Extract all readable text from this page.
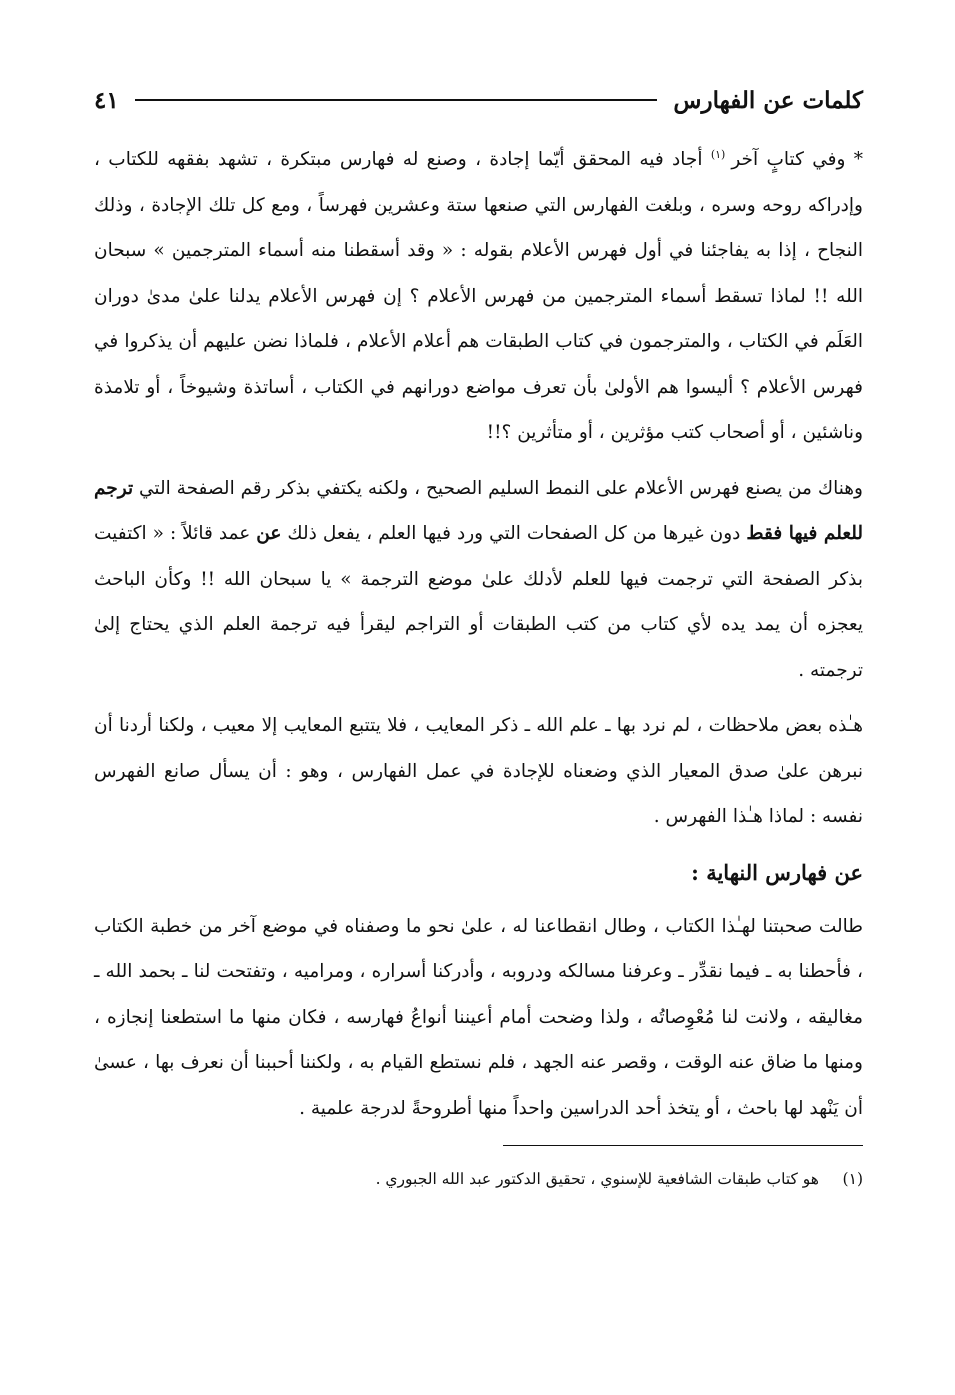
كلمات عن الفهارس
٤١

* وفي كتابٍ آخر$^{(١)}$ أجاد فيه المحقق أيّما إجادة ، وصنع له فهارس مبتكرة ، تشهد بفقهه للكتاب ، وإدراكه روحه وسره ، وبلغت الفهارس التي صنعها ستة وعشرين فهرساً ، ومع كل تلك الإجادة ، وذلك النجاح ، إذا به يفاجئنا في أول فهرس الأعلام بقوله : « وقد أسقطنا منه أسماء المترجمين » سبحان الله !! لماذا تسقط أسماء المترجمين من فهرس الأعلام ؟ إن فهرس الأعلام يدلنا علىٰ مدىٰ دوران العَلَم في الكتاب ، والمترجمون في كتاب الطبقات هم أعلام الأعلام ، فلماذا نضن عليهم أن يذكروا في فهرس الأعلام ؟ أليسوا هم الأولىٰ بأن تعرف مواضع دورانهم في الكتاب ، أساتذة وشيوخاً ، أو تلامذة وناشئين ، أو أصحاب كتب مؤثرين ، أو متأثرين ؟!!

وهناك من يصنع فهرس الأعلام على النمط السليم الصحيح ، ولكنه يكتفي بذكر رقم الصفحة التي ترجم للعلم فيها فقط دون غيرها من كل الصفحات التي ورد فيها العلم ، يفعل ذلك عن عمد قائلاً : « اكتفيت بذكر الصفحة التي ترجمت فيها للعلم لأدلك علىٰ موضع الترجمة » يا سبحان الله !! وكأن الباحث يعجزه أن يمد يده لأي كتاب من كتب الطبقات أو التراجم ليقرأ فيه ترجمة العلم الذي يحتاج إلىٰ ترجمته .

هـٰذه بعض ملاحظات ، لم نرد بها ـ علم الله ـ ذكر المعايب ، فلا يتتبع المعايب إلا معيب ، ولكنا أردنا أن نبرهن علىٰ صدق المعيار الذي وضعناه للإجادة في عمل الفهارس ، وهو : أن يسأل صانع الفهرس نفسه : لماذا هـٰذا الفهرس .

عن فهارس النهاية :

طالت صحبتنا لهـٰذا الكتاب ، وطال انقطاعنا له ، علىٰ نحو ما وصفناه في موضع آخر من خطبة الكتاب ، فأحطنا به ـ فيما نقدِّر ـ وعرفنا مسالكه ودروبه ، وأدركنا أسراره ، ومراميه ، وتفتحت لنا ـ بحمد الله ـ مغاليقه ، ولانت لنا مُعْوِصاتُه ، ولذا وضحت أمام أعيننا أنواعُ فهارسه ، فكان منها ما استطعنا إنجازه ، ومنها ما ضاق عنه الوقت ، وقصر عنه الجهد ، فلم نستطع القيام به ، ولكننا أحببنا أن نعرف بها ، عسىٰ أن يَنْهد لها باحث ، أو يتخذ أحد الدراسين واحداً منها أطروحةً لدرجة علمية .

(١)هو كتاب طبقات الشافعية للإسنوي ، تحقيق الدكتور عبد الله الجبوري .
